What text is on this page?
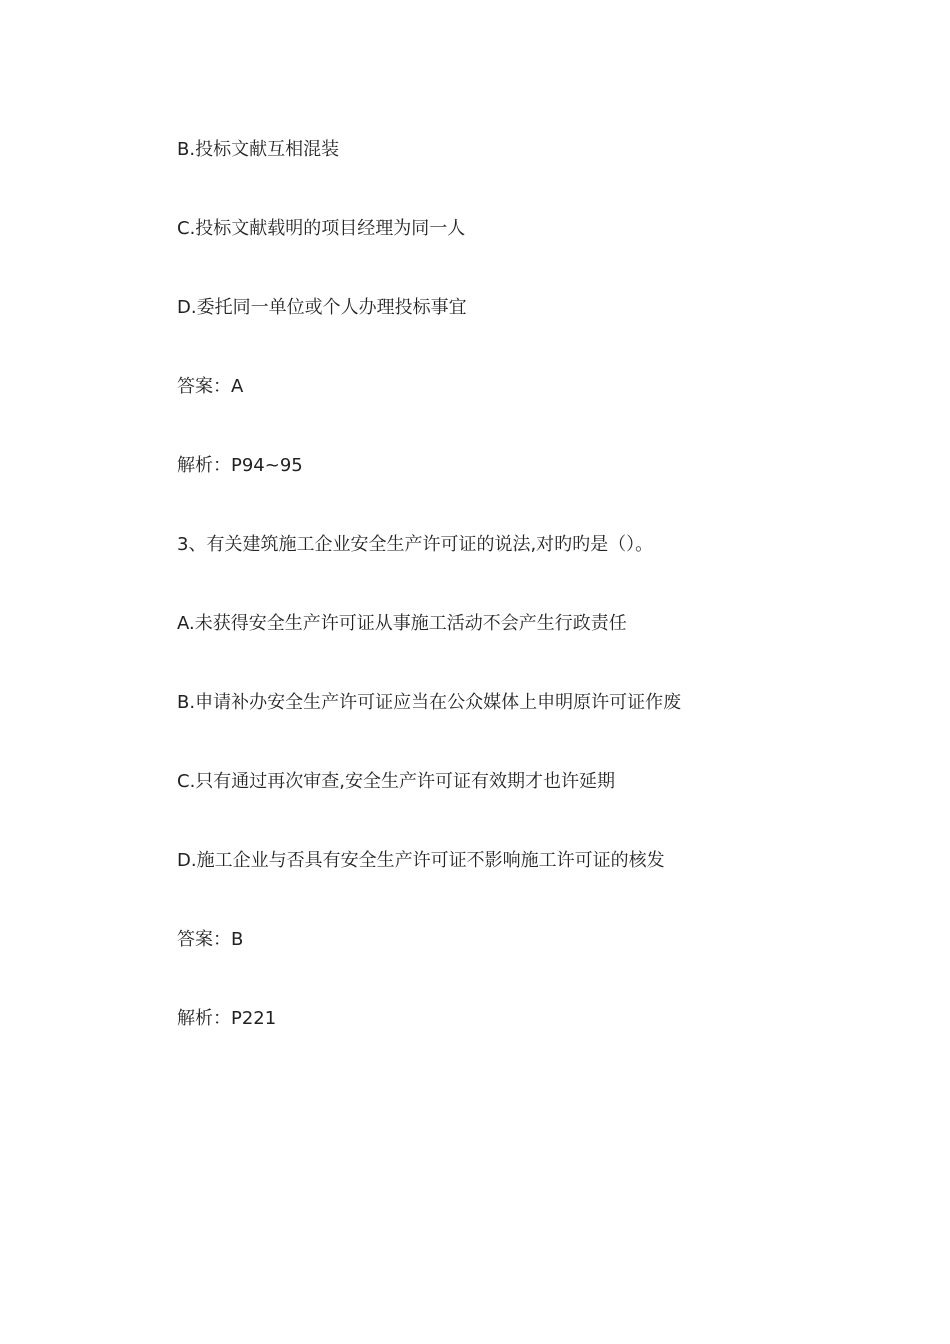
B.投标文献互相混装
C.投标文献载明的项目经理为同一人
D.委托同一单位或个人办理投标事宜
答案：A
解析：P94~95
3、有关建筑施工企业安全生产许可证的说法,对旳旳是（）。
A.未获得安全生产许可证从事施工活动不会产生行政责任
B.申请补办安全生产许可证应当在公众媒体上申明原许可证作废
C.只有通过再次审查,安全生产许可证有效期才也许延期
D.施工企业与否具有安全生产许可证不影响施工许可证的核发
答案：B
解析：P221
